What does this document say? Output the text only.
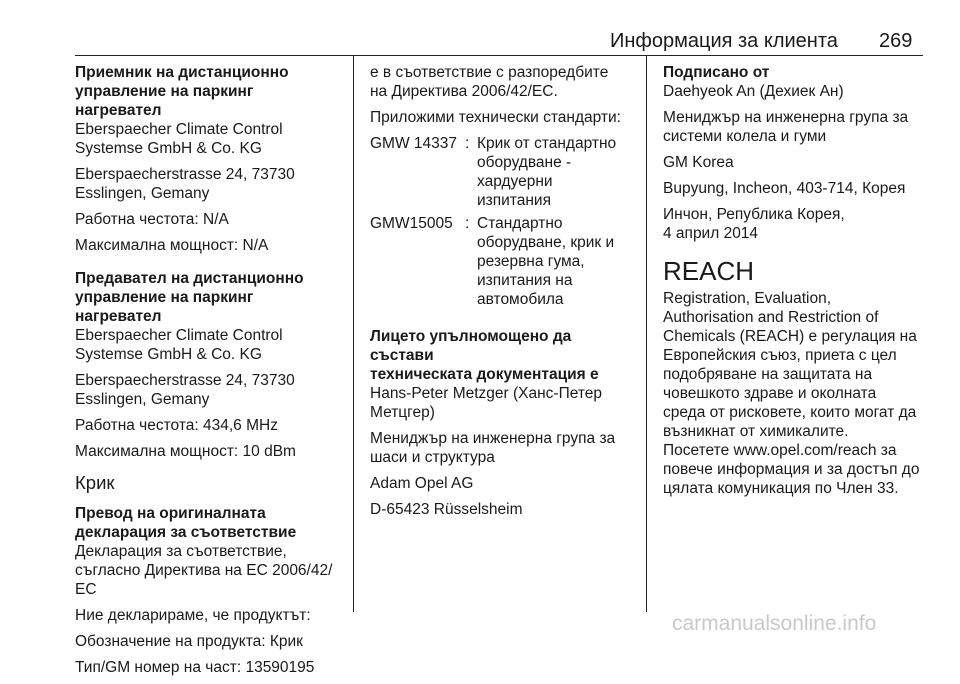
Информация за клиента 269
Приемник на дистанционно
управление на паркинг нагревател

Eberspaecher Climate Control
Systemse GmbH & Co. KG

Eberspaecherstrasse 24, 73730
Esslingen, Gemany

Работна честота: N/A

Максимална мощност: N/A

Предавател на дистанционно
управление на паркинг нагревател

Eberspaecher Climate Control
Systemse GmbH & Co. KG

Eberspaecherstrasse 24, 73730
Esslingen, Gemany

Работна честота: 434,6 MHz

Максимална мощност: 10 dBm

Крик
Превод на оригиналната
декларация за съответствие

Декларация за съответствие,
съгласно Директива на ЕС 2006/42/
ЕС

Ние декларираме, че продуктът:

Обозначение на продукта: Крик

Тип/GM номер на част: 13590195

е в съответствие с разпоредбите
на Директива 2006/42/ЕС.

Приложими технически стандарти:

GMW 14337	:	Крик от стандартно
оборудване -
хардуерни
изпитания
GMW15005	:	Стандартно
оборудване, крик и
резервна гума,
изпитания на
автомобила
Лицето упълномощено да състави
техническата документация е

Hans-Peter Metzger (Ханс-Петер
Метцгер)

Мениджър на инженерна група за
шаси и структура

Adam Opel AG

D-65423 Rüsselsheim

Подписано от

Daehyeok An (Дехиек Ан)

Мениджър на инженерна група за
системи колела и гуми

GM Korea

Bupyung, Incheon, 403-714, Корея

Инчон, Република Корея,
4 април 2014

REACH
Registration, Evaluation,
Authorisation and Restriction of
Chemicals (REACH) е регулация на
Европейския съюз, приета с цел
подобряване на защитата на
човешкото здраве и околната
среда от рисковете, които могат да
възникнат от химикалите.
Посетете www.opel.com/reach за
повече информация и за достъп до
цялата комуникация по Член 33.
carmanualsonline.info
